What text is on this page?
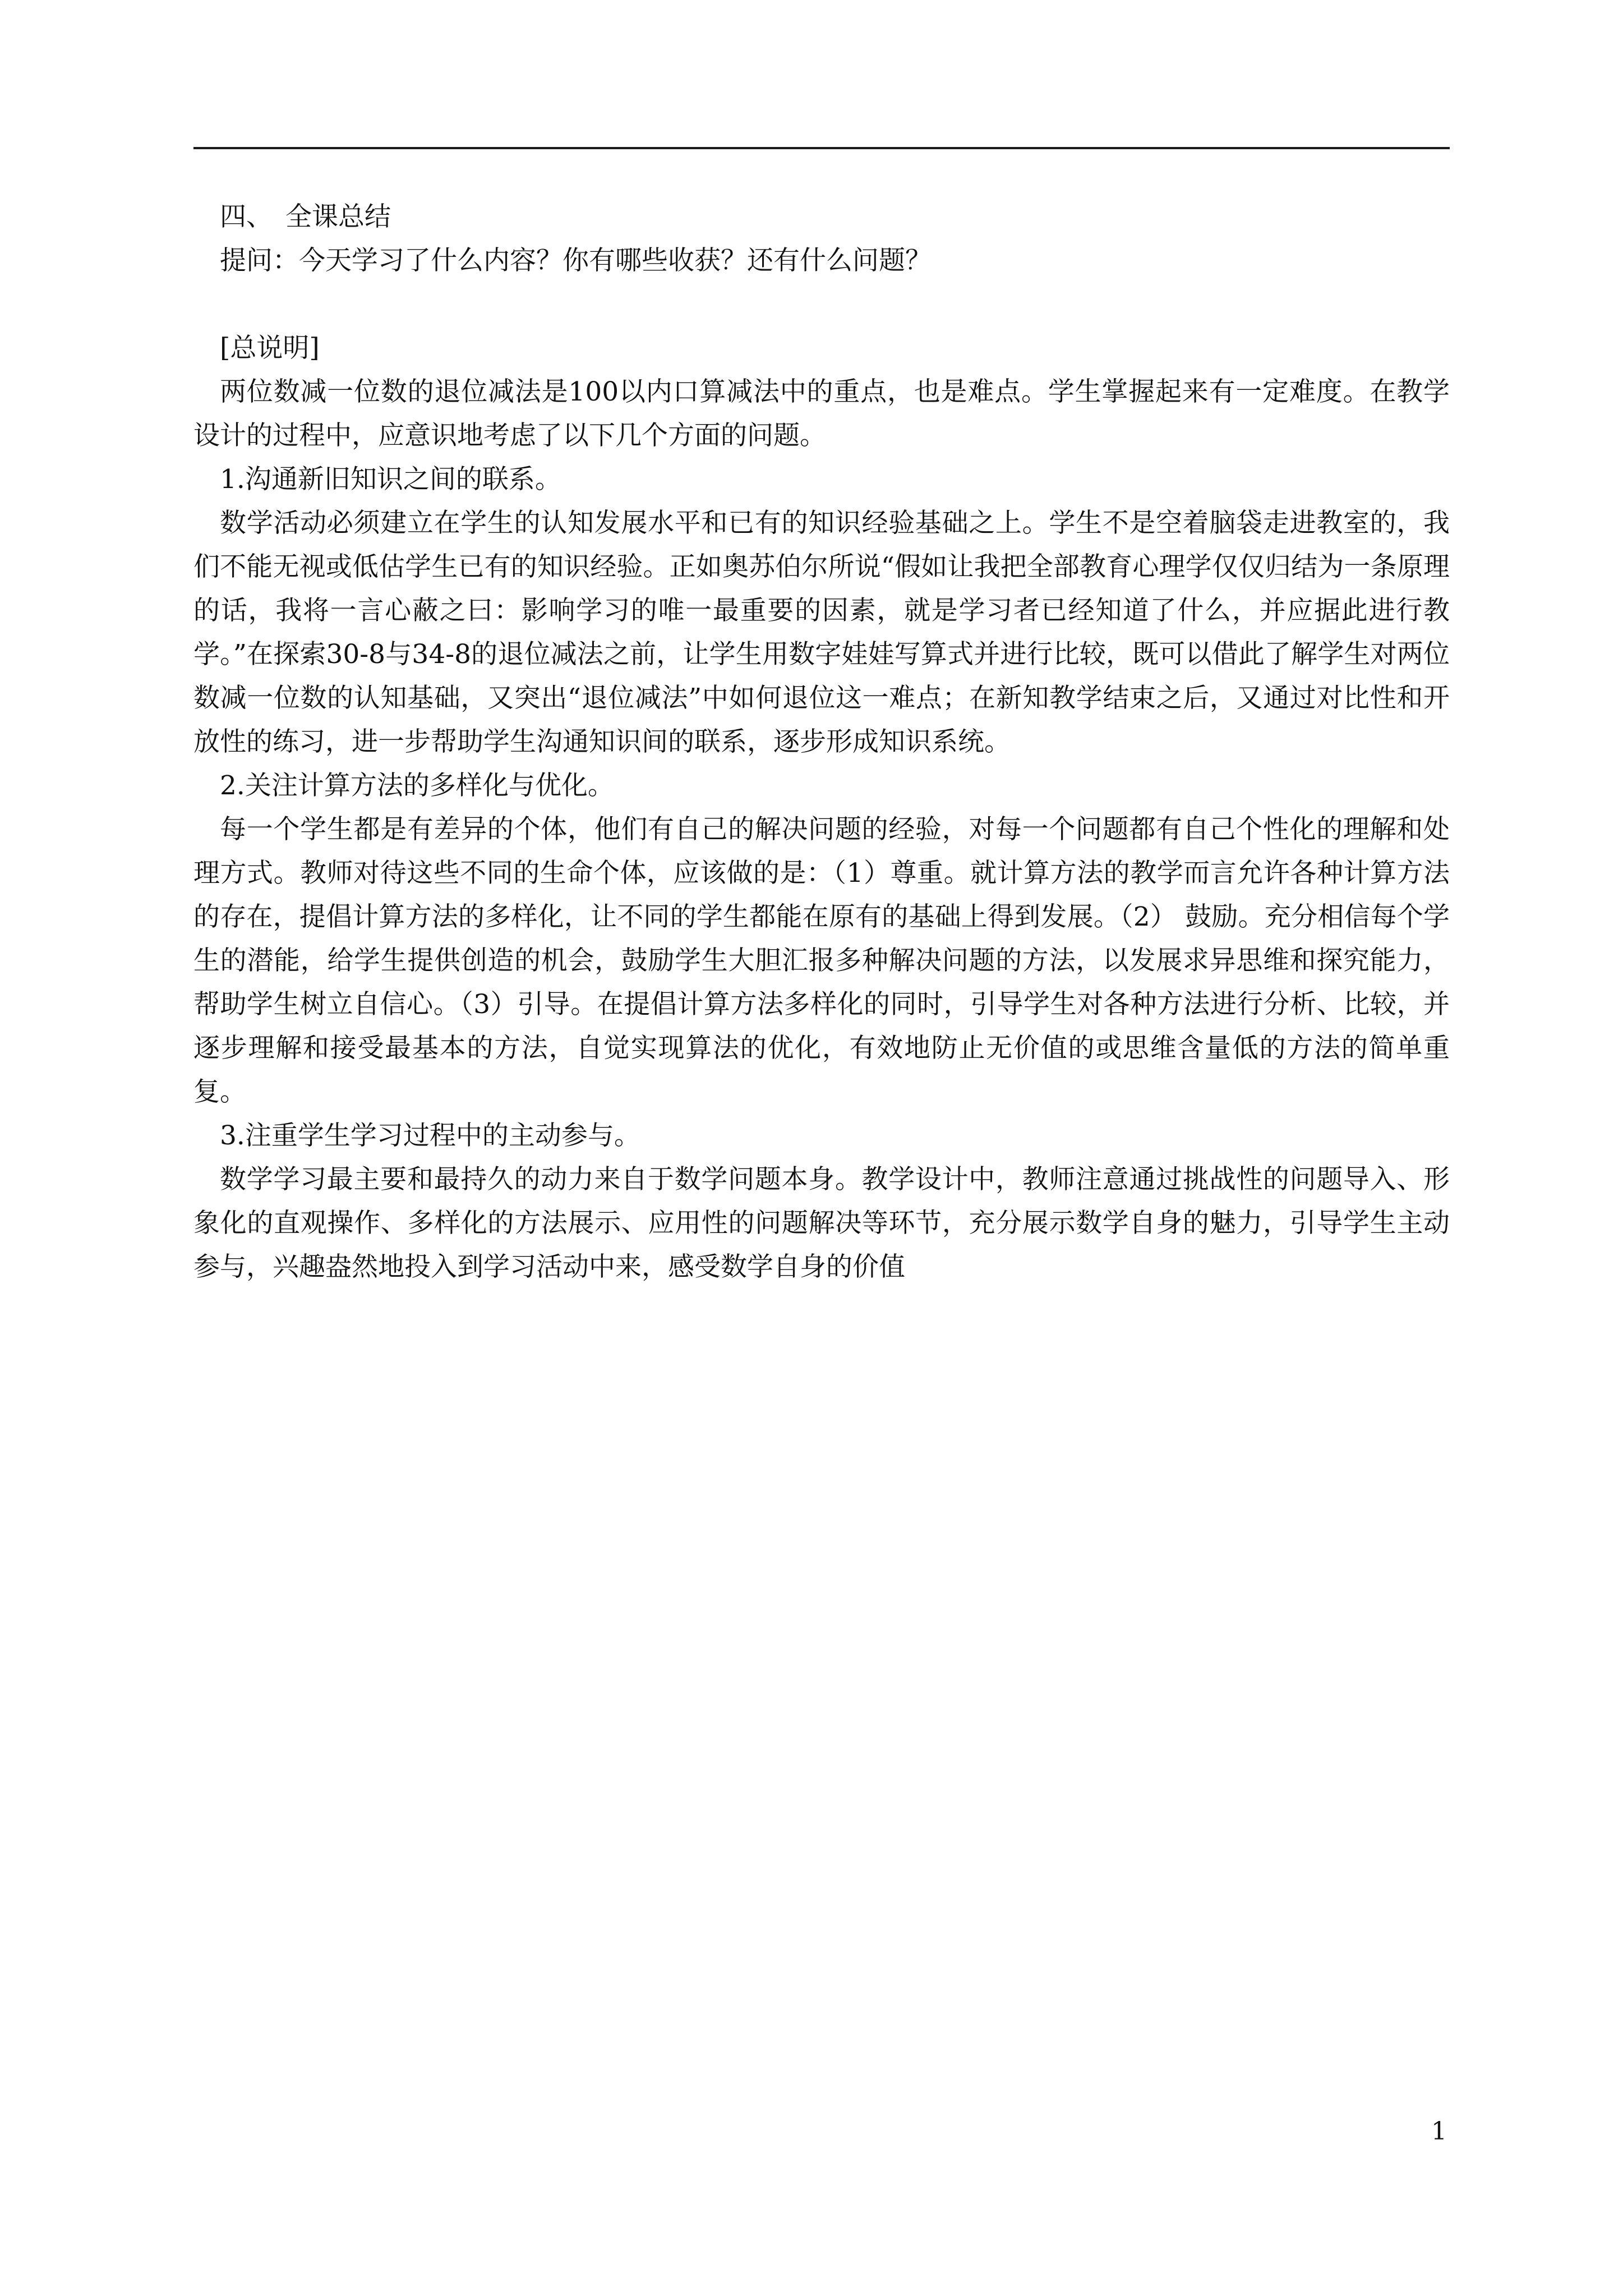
四、 全课总结

提问：今天学习了什么内容？你有哪些收获？还有什么问题？

[总说明]

两位数减一位数的退位减法是100以内口算减法中的重点，也是难点。学生掌握起来有一定难度。在教学设计的过程中，应意识地考虑了以下几个方面的问题。

1.沟通新旧知识之间的联系。

数学活动必须建立在学生的认知发展水平和已有的知识经验基础之上。学生不是空着脑袋走进教室的，我们不能无视或低估学生已有的知识经验。正如奥苏伯尔所说“假如让我把全部教育心理学仅仅归结为一条原理的话，我将一言心蔽之曰：影响学习的唯一最重要的因素，就是学习者已经知道了什么，并应据此进行教学。”在探索30-8与34-8的退位减法之前，让学生用数字娃娃写算式并进行比较，既可以借此了解学生对两位数减一位数的认知基础，又突出“退位减法”中如何退位这一难点；在新知教学结束之后，又通过对比性和开放性的练习，进一步帮助学生沟通知识间的联系，逐步形成知识系统。

2.关注计算方法的多样化与优化。

每一个学生都是有差异的个体，他们有自己的解决问题的经验，对每一个问题都有自己个性化的理解和处理方式。教师对待这些不同的生命个体，应该做的是：（1）尊重。就计算方法的教学而言允许各种计算方法的存在，提倡计算方法的多样化，让不同的学生都能在原有的基础上得到发展。（2） 鼓励。充分相信每个学生的潜能，给学生提供创造的机会，鼓励学生大胆汇报多种解决问题的方法，以发展求异思维和探究能力，帮助学生树立自信心。（3）引导。在提倡计算方法多样化的同时，引导学生对各种方法进行分析、比较，并逐步理解和接受最基本的方法，自觉实现算法的优化，有效地防止无价值的或思维含量低的方法的简单重复。

3.注重学生学习过程中的主动参与。

数学学习最主要和最持久的动力来自于数学问题本身。教学设计中，教师注意通过挑战性的问题导入、形象化的直观操作、多样化的方法展示、应用性的问题解决等环节，充分展示数学自身的魅力，引导学生主动参与，兴趣盎然地投入到学习活动中来，感受数学自身的价值

1
